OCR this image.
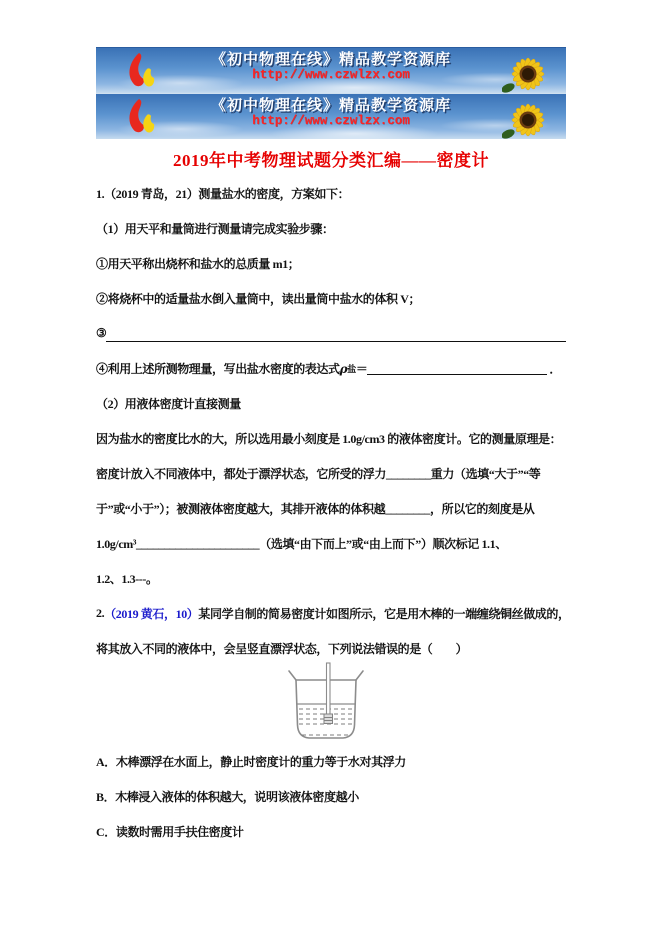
《初中物理在线》精品教学资源库
http://www.czwlzx.com
《初中物理在线》精品教学资源库
http://www.czwlzx.com
2019年中考物理试题分类汇编——密度计
1.（2019 青岛，21）测量盐水的密度，方案如下：
（1）用天平和量筒进行测量请完成实验步骤：
①用天平称出烧杯和盐水的总质量 m1；
②将烧杯中的适量盐水倒入量筒中，读出量筒中盐水的体积 V；
③
④利用上述所测物理量，写出盐水密度的表达式 ρ 盐 ＝	．
（2）用液体密度计直接测量
因为盐水的密度比水的大，所以选用最小刻度是 1.0g/cm3 的液体密度计。它的测量原理是：
密度计放入不同液体中，都处于漂浮状态，它所受的浮力________重力（选填“大于”“等
于”或“小于”）；被测液体密度越大，其排开液体的体积越________，所以它的刻度是从
1.0g/cm³______________________（选填“由下而上”或“由上而下”）顺次标记 1.1、
1.2、1.3---。
2. （2019 黄石，10） 某同学自制的简易密度计如图所示，它是用木棒的一端缠绕铜丝做成的，
将其放入不同的液体中，会呈竖直漂浮状态，下列说法错误的是（　　）
A．木棒漂浮在水面上，静止时密度计的重力等于水对其浮力
B．木棒浸入液体的体积越大，说明该液体密度越小
C．读数时需用手扶住密度计
